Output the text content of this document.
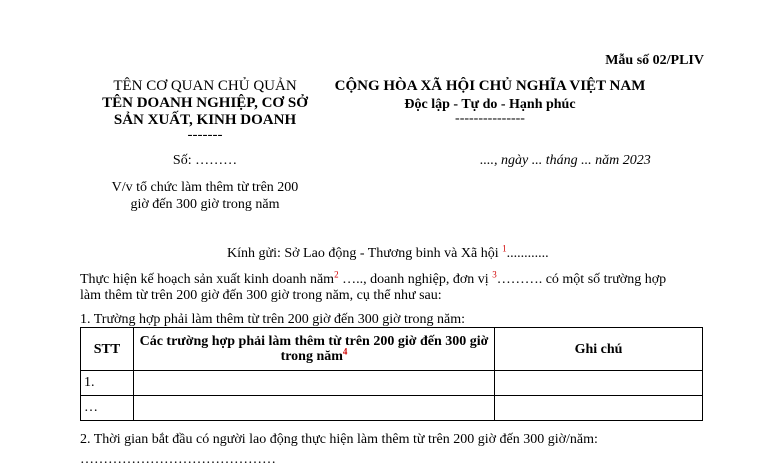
Mẫu số 02/PLIV
TÊN CƠ QUAN CHỦ QUẢN
TÊN DOANH NGHIỆP, CƠ SỞ
SẢN XUẤT, KINH DOANH
-------
Số: ………
V/v tổ chức làm thêm từ trên 200
giờ đến 300 giờ trong năm
CỘNG HÒA XÃ HỘI CHỦ NGHĨA VIỆT NAM
Độc lập - Tự do - Hạnh phúc
---------------
...., ngày ... tháng ... năm 2023
Kính gửi: Sở Lao động - Thương binh và Xã hội $^1$............
Thực hiện kế hoạch sản xuất kinh doanh năm$^2$ ….., doanh nghiệp, đơn vị $^3$………. có một số trường hợp
làm thêm từ trên 200 giờ đến 300 giờ trong năm, cụ thể như sau:
1. Trường hợp phải làm thêm từ trên 200 giờ đến 300 giờ trong năm:
STT	Các trường hợp phải làm thêm từ trên 200 giờ đến 300 giờ trong năm$^4$	Ghi chú
1.		
…		
2. Thời gian bắt đầu có người lao động thực hiện làm thêm từ trên 200 giờ đến 300 giờ/năm:
……………………………………
